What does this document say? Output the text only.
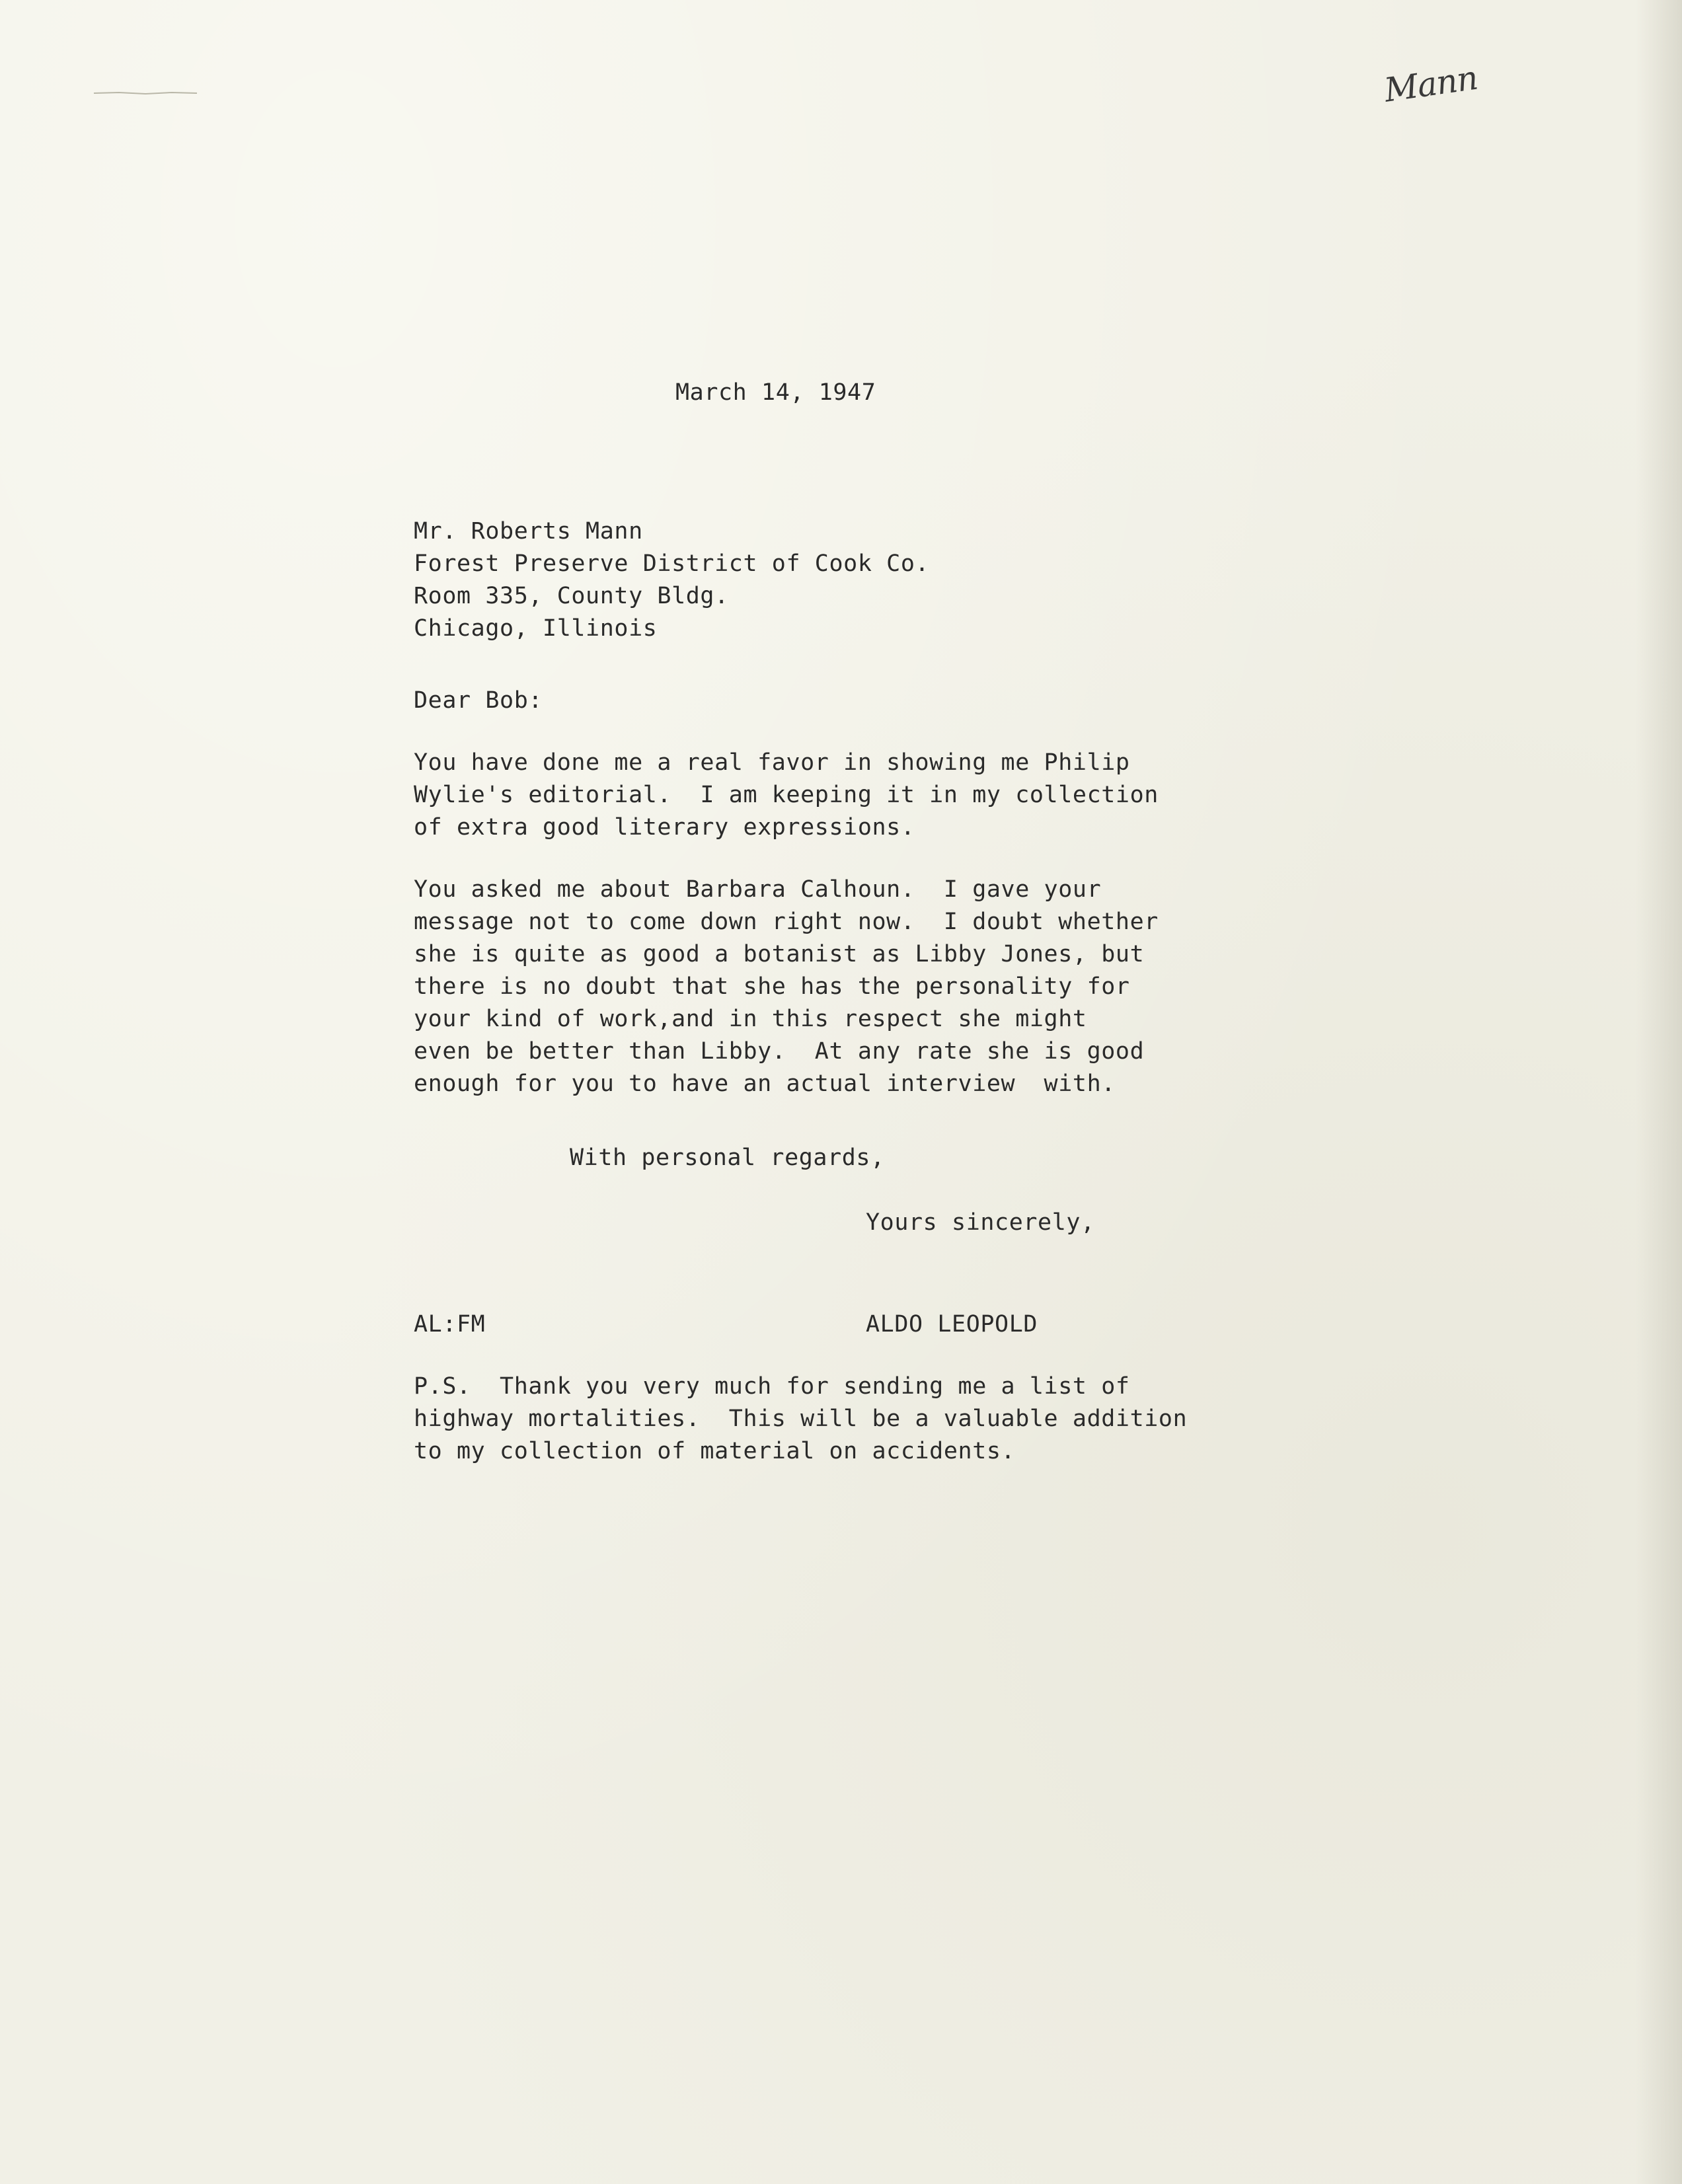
Mann
March 14, 1947
Mr. Roberts Mann
Forest Preserve District of Cook Co.
Room 335, County Bldg.
Chicago, Illinois
Dear Bob:
You have done me a real favor in showing me Philip
Wylie's editorial.  I am keeping it in my collection
of extra good literary expressions.
You asked me about Barbara Calhoun.  I gave your
message not to come down right now.  I doubt whether
she is quite as good a botanist as Libby Jones, but
there is no doubt that she has the personality for
your kind of work,and in this respect she might
even be better than Libby.  At any rate she is good
enough for you to have an actual interview  with.
With personal regards,
Yours sincerely,
AL:FM	ALDO LEOPOLD
P.S.  Thank you very much for sending me a list of
highway mortalities.  This will be a valuable addition
to my collection of material on accidents.
